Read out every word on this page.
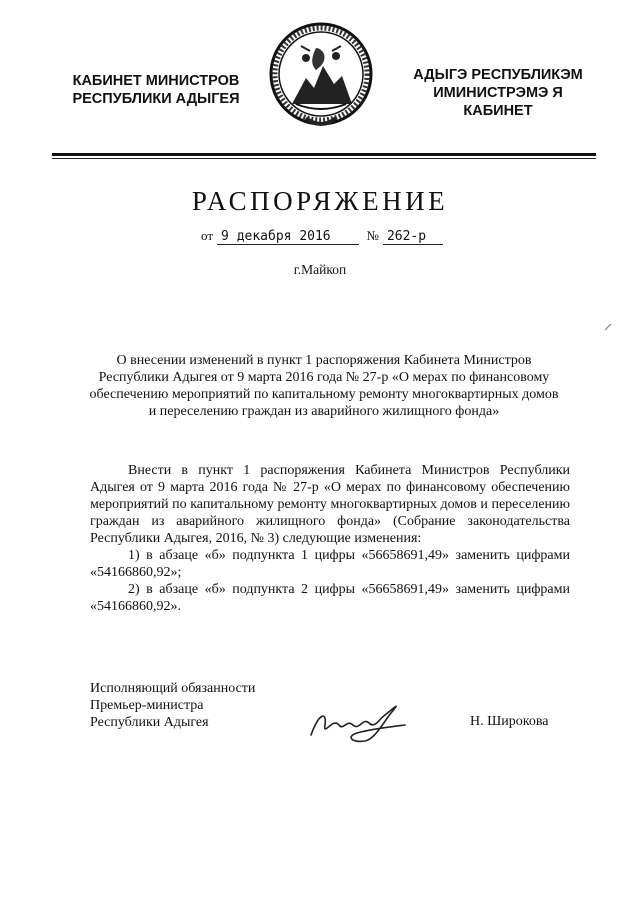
КАБИНЕТ МИНИСТРОВ
РЕСПУБЛИКИ АДЫГЕЯ
АДЫГЭ РЕСПУБЛИКЭМ
ИМИНИСТРЭМЭ Я КАБИНЕТ
РАСПОРЯЖЕНИЕ
от 9 декабря 2016	№ 262-р
г.Майкоп
О внесении изменений в пункт 1 распоряжения Кабинета Министров Республики Адыгея от 9 марта 2016 года № 27-р «О мерах по финансовому обеспечению мероприятий по капитальному ремонту многоквартирных домов и переселению граждан из аварийного жилищного фонда»

Внести в пункт 1 распоряжения Кабинета Министров Республики Адыгея от 9 марта 2016 года № 27-р «О мерах по финансовому обеспечению мероприятий по капитальному ремонту многоквартирных домов и переселению граждан из аварийного жилищного фонда» (Собрание законодательства Республики Адыгея, 2016, № 3) следующие изменения:

1) в абзаце «б» подпункта 1 цифры «56658691,49» заменить цифрами «54166860,92»;

2) в абзаце «б» подпункта 2 цифры «56658691,49» заменить цифрами «54166860,92».

Исполняющий обязанности
Премьер-министра
Республики Адыгея	Н. Широкова
